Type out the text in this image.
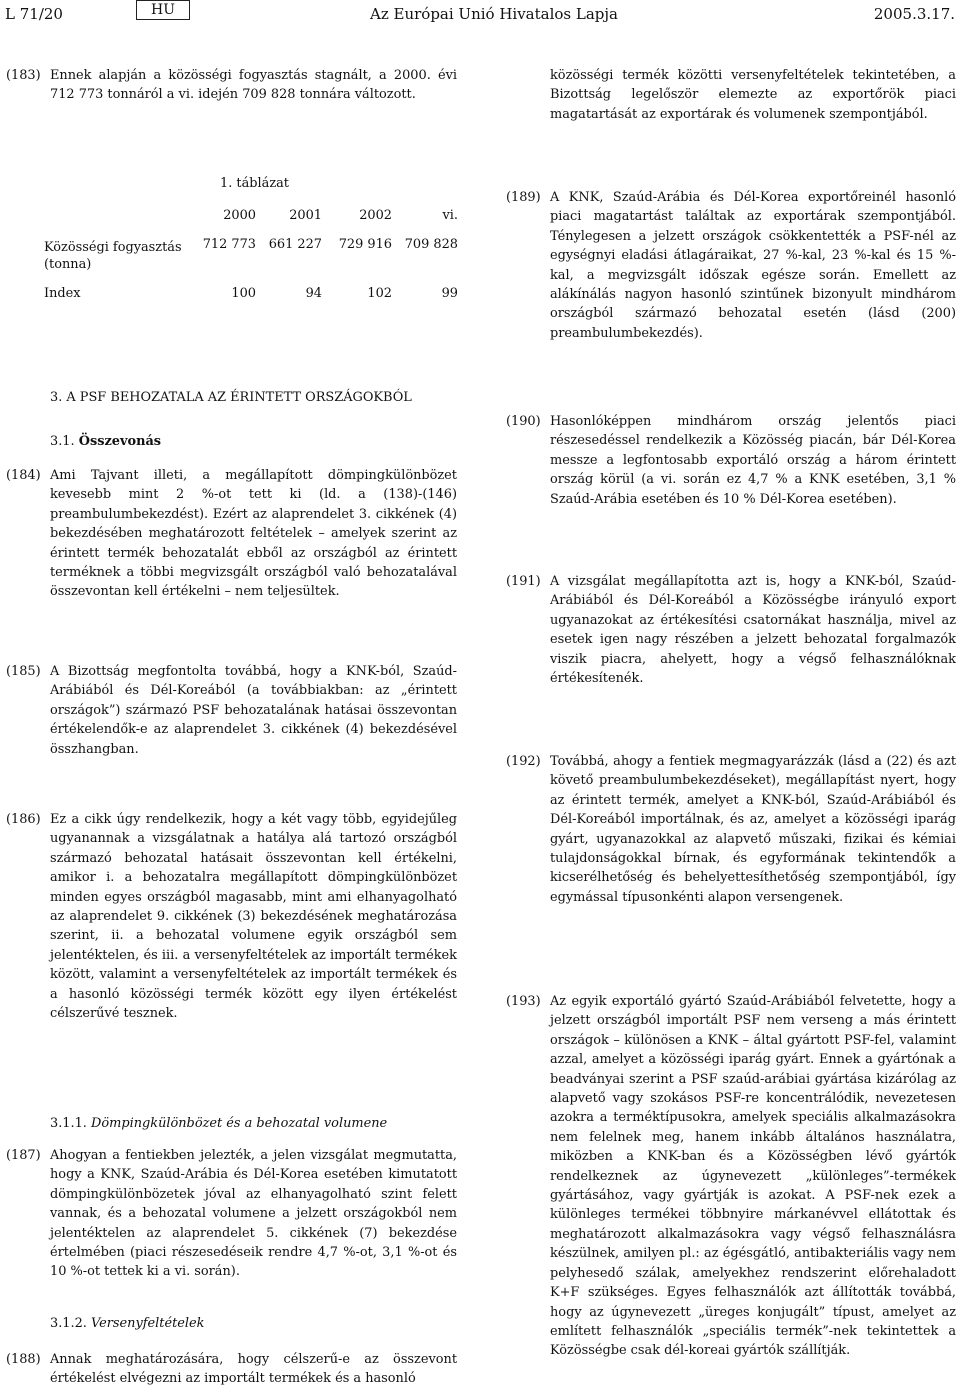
L 71/20	HU	Az Európai Unió Hivatalos Lapja	2005.3.17.
(183) Ennek alapján a közösségi fogyasztás stagnált, a 2000. évi 712 773 tonnáról a vi. idején 709 828 tonnára változott.
1. táblázat
	2000	2001	2002	vi.
Közösségi fogyasztás (tonna)	712 773	661 227	729 916	709 828
Index	100	94	102	99
3. A PSF BEHOZATALA AZ ÉRINTETT ORSZÁGOKBÓL
3.1. Összevonás
(184) Ami Tajvant illeti, a megállapított dömpingkülönbözet kevesebb mint 2 %-ot tett ki (ld. a (138)-(146) preambulumbekezdést). Ezért az alaprendelet 3. cikkének (4) bekezdésében meghatározott feltételek – amelyek szerint az érintett termék behozatalát ebből az országból az érintett terméknek a többi megvizsgált országból való behozatalával összevontan kell értékelni – nem teljesültek.
(185) A Bizottság megfontolta továbbá, hogy a KNK-ból, Szaúd-Arábiából és Dél-Koreából (a továbbiakban: az „érintett országok”) származó PSF behozatalának hatásai összevontan értékelendők-e az alaprendelet 3. cikkének (4) bekezdésével összhangban.
(186) Ez a cikk úgy rendelkezik, hogy a két vagy több, egyidejűleg ugyanannak a vizsgálatnak a hatálya alá tartozó országból származó behozatal hatásait összevontan kell értékelni, amikor i. a behozatalra megállapított dömpingkülönbözet minden egyes országból magasabb, mint ami elhanyagolható az alaprendelet 9. cikkének (3) bekezdésének meghatározása szerint, ii. a behozatal volumene egyik országból sem jelentéktelen, és iii. a versenyfeltételek az importált termékek között, valamint a versenyfeltételek az importált termékek és a hasonló közösségi termék között egy ilyen értékelést célszerűvé tesznek.
3.1.1. Dömpingkülönbözet és a behozatal volumene
(187) Ahogyan a fentiekben jelezték, a jelen vizsgálat megmutatta, hogy a KNK, Szaúd-Arábia és Dél-Korea esetében kimutatott dömpingkülönbözetek jóval az elhanyagolható szint felett vannak, és a behozatal volumene a jelzett országokból nem jelentéktelen az alaprendelet 5. cikkének (7) bekezdése értelmében (piaci részesedéseik rendre 4,7 %-ot, 3,1 %-ot és 10 %-ot tettek ki a vi. során).
3.1.2. Versenyfeltételek
(188) Annak meghatározására, hogy célszerű-e az összevont értékelést elvégezni az importált termékek és a hasonló
közösségi termék közötti versenyfeltételek tekintetében, a Bizottság legelőször elemezte az exportőrök piaci magatartását az exportárak és volumenek szempontjából.
(189) A KNK, Szaúd-Arábia és Dél-Korea exportőreinél hasonló piaci magatartást találtak az exportárak szempontjából. Ténylegesen a jelzett országok csökkentették a PSF-nél az egységnyi eladási átlagáraikat, 27 %-kal, 23 %-kal és 15 %-kal, a megvizsgált időszak egésze során. Emellett az alákínálás nagyon hasonló szintűnek bizonyult mindhárom országból származó behozatal esetén (lásd (200) preambulumbekezdés).
(190) Hasonlóképpen mindhárom ország jelentős piaci részesedéssel rendelkezik a Közösség piacán, bár Dél-Korea messze a legfontosabb exportáló ország a három érintett ország körül (a vi. során ez 4,7 % a KNK esetében, 3,1 % Szaúd-Arábia esetében és 10 % Dél-Korea esetében).
(191) A vizsgálat megállapította azt is, hogy a KNK-ból, Szaúd-Arábiából és Dél-Koreából a Közösségbe irányuló export ugyanazokat az értékesítési csatornákat használja, mivel az esetek igen nagy részében a jelzett behozatal forgalmazók viszik piacra, ahelyett, hogy a végső felhasználóknak értékesítenék.
(192) Továbbá, ahogy a fentiek megmagyarázzák (lásd a (22) és azt követő preambulumbekezdéseket), megállapítást nyert, hogy az érintett termék, amelyet a KNK-ból, Szaúd-Arábiából és Dél-Koreából importálnak, és az, amelyet a közösségi iparág gyárt, ugyanazokkal az alapvető műszaki, fizikai és kémiai tulajdonságokkal bírnak, és egyformának tekintendők a kicserélhetőség és behelyettesíthetőség szempontjából, így egymással típusonkénti alapon versengenek.
(193) Az egyik exportáló gyártó Szaúd-Arábiából felvetette, hogy a jelzett országból importált PSF nem verseng a más érintett országok – különösen a KNK – által gyártott PSF-fel, valamint azzal, amelyet a közösségi iparág gyárt. Ennek a gyártónak a beadványai szerint a PSF szaúd-arábiai gyártása kizárólag az alapvető vagy szokásos PSF-re koncentrálódik, nevezetesen azokra a terméktípusokra, amelyek speciális alkalmazásokra nem felelnek meg, hanem inkább általános használatra, miközben a KNK-ban és a Közösségben lévő gyártók rendelkeznek az úgynevezett „különleges”-termékek gyártásához, vagy gyártják is azokat. A PSF-nek ezek a különleges termékei többnyire márkanévvel ellátottak és meghatározott alkalmazásokra vagy végső felhasználásra készülnek, amilyen pl.: az égésgátló, antibakteriális vagy nem pelyhesedő szálak, amelyekhez rendszerint előrehaladott K+F szükséges. Egyes felhasználók azt állították továbbá, hogy az úgynevezett „üreges konjugált” típust, amelyet az említett felhasználók „speciális termék”-nek tekintettek a Közösségbe csak dél-koreai gyártók szállítják.
